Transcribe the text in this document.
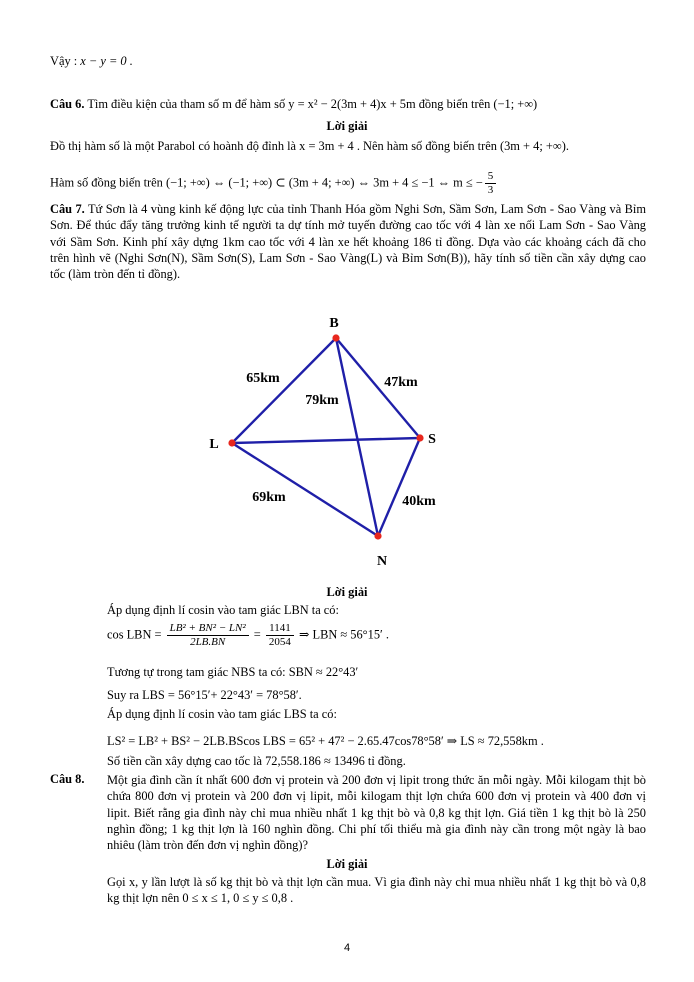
Vậy : x − y = 0 .
Câu 6. Tìm điều kiện của tham số m để hàm số y = x² − 2(3m + 4)x + 5m đồng biến trên (−1; +∞)
Lời giải
Đồ thị hàm số là một Parabol có hoành độ đỉnh là x = 3m + 4 . Nên hàm số đồng biến trên (3m + 4; +∞).
Hàm số đồng biến trên (−1; +∞) ⇔ (−1; +∞) ⊂ (3m + 4; +∞) ⇔ 3m + 4 ≤ −1 ⇔ m ≤ − $\frac{5}{3}$
Câu 7. Tứ Sơn là 4 vùng kinh kế động lực của tỉnh Thanh Hóa gồm Nghi Sơn, Sầm Sơn, Lam Sơn - Sao Vàng và Bỉm Sơn. Để thúc đẩy tăng trưởng kinh tế người ta dự tính mở tuyến đường cao tốc với 4 làn xe nối Lam Sơn - Sao Vàng với Sầm Sơn. Kinh phí xây dựng 1km cao tốc với 4 làn xe hết khoảng 186 tỉ đồng. Dựa vào các khoảng cách đã cho trên hình vẽ (Nghi Sơn(N), Sầm Sơn(S), Lam Sơn - Sao Vàng(L) và Bỉm Sơn(B)), hãy tính số tiền cần xây dựng cao tốc (làm tròn đến tỉ đồng).
B
L	S
N
65km	47km
79km
69km	40km
Lời giải
Áp dụng định lí cosin vào tam giác LBN ta có:
cos LBN = $\frac{\text{LB² + BN² − LN²}}{2LB.BN} = \frac{1141}{2054}$ ⇒ LBN ≈ 56°15′ .
Tương tự trong tam giác NBS ta có: SBN ≈ 22°43′
Suy ra LBS = 56°15′+ 22°43′ = 78°58′.
Áp dụng định lí cosin vào tam giác LBS ta có:
LS² = LB² + BS² − 2LB.BScos LBS = 65² + 47² − 2.65.47cos78°58′ ⇒ LS ≈ 72,558km .
Số tiền cần xây dựng cao tốc là 72,558.186 ≈ 13496 tỉ đồng.
Câu 8. Một gia đình cần ít nhất 600 đơn vị protein và 200 đơn vị lipit trong thức ăn mỗi ngày. Mỗi kilogam thịt bò chứa 800 đơn vị protein và 200 đơn vị lipit, mỗi kilogam thịt lợn chứa 600 đơn vị protein và 400 đơn vị lipit. Biết rằng gia đình này chỉ mua nhiều nhất 1 kg thịt bò và 0,8 kg thịt lợn. Giá tiền 1 kg thịt bò là 250 nghìn đồng; 1 kg thịt lợn là 160 nghìn đồng. Chi phí tối thiểu mà gia đình này cần trong một ngày là bao nhiêu (làm tròn đến đơn vị nghìn đồng)?
Lời giải
Gọi x, y lần lượt là số kg thịt bò và thịt lợn cần mua. Vì gia đình này chỉ mua nhiều nhất 1 kg thịt bò và 0,8 kg thịt lợn nên 0 ≤ x ≤ 1, 0 ≤ y ≤ 0,8 .
4
